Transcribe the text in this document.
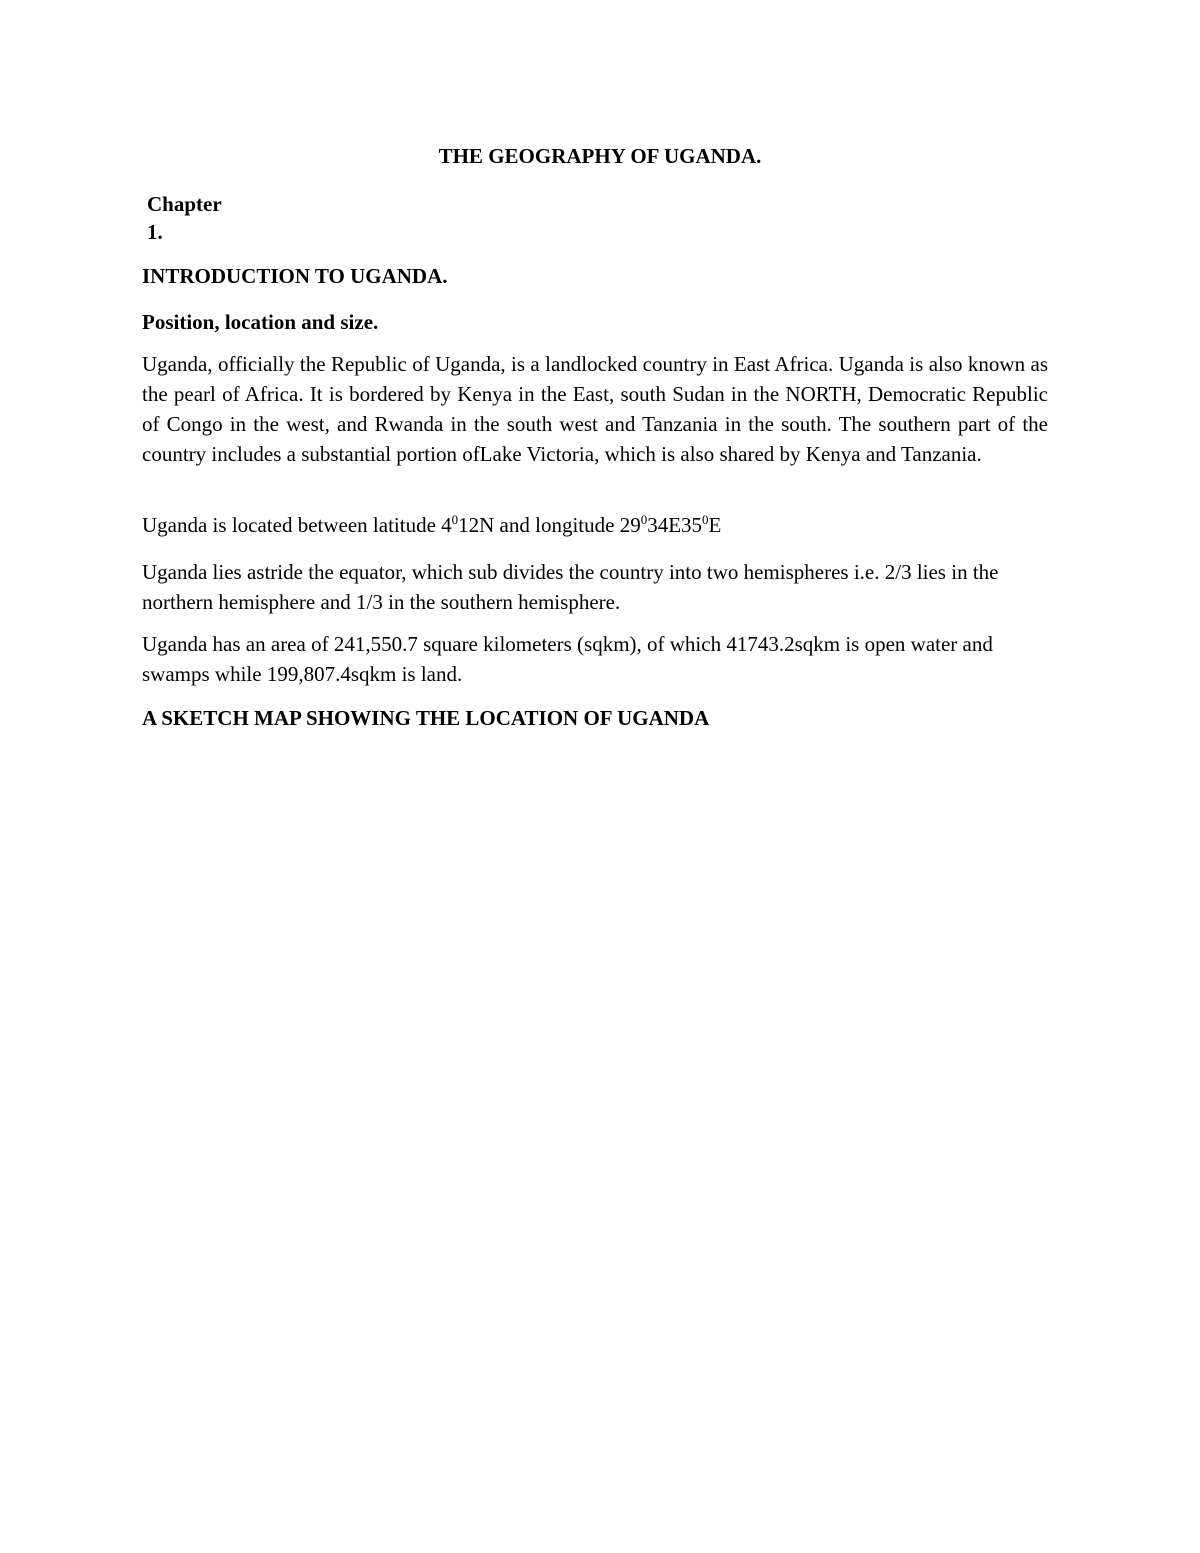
THE GEOGRAPHY OF UGANDA.

Chapter
1.

INTRODUCTION TO UGANDA.

Position, location and size.

Uganda, officially the Republic of Uganda, is a landlocked country in East Africa. Uganda is also known as the pearl of Africa. It is bordered by Kenya in the East, south Sudan in the NORTH, Democratic Republic of Congo in the west, and Rwanda in the south west and Tanzania in the south. The southern part of the country includes a substantial portion ofLake Victoria, which is also shared by Kenya and Tanzania.

Uganda is located between latitude $4^012N$ and longitude $29^034E35^0E$

Uganda lies astride the equator, which sub divides the country into two hemispheres i.e. 2/3 lies in the northern hemisphere and 1/3 in the southern hemisphere.

Uganda has an area of 241,550.7 square kilometers (sqkm), of which 41743.2sqkm is open water and swamps while 199,807.4sqkm is land.

A SKETCH MAP SHOWING THE LOCATION OF UGANDA
